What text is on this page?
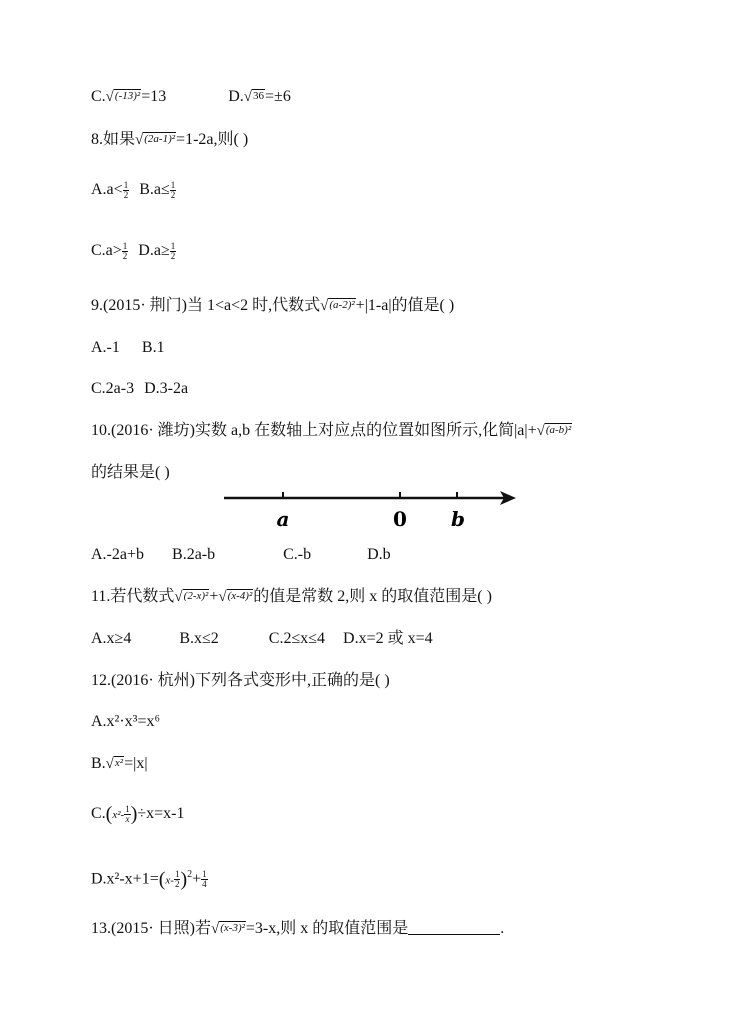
C.√(-13)²=13	D.√36=±6
8.如果√(2a-1)²=1-2a,则( )
$A.a< \frac{1}{2} B.a\le \frac{1}{2}$
$C.a> \frac{1}{2} D.a\ge \frac{1}{2}$
9.(2015· 荆门)当 1<a<2 时,代数式√(a-2)²+|1-a|的值是( )
A.-1 B.1
C.2a-3 D.3-2a
10.(2016· 潍坊)实数 a,b 在数轴上对应点的位置如图所示,化简|a|+√(a-b)²
的结果是( )
a	0 b
A.-2a+b B.2a-b	C.-b	D.b
11.若代数式√(2-x)²+√(x-4)²的值是常数 2,则 x 的取值范围是( )
A.x≥4	B.x≤2	C.2≤x≤4 D.x=2 或 x=4
12.(2016· 杭州)下列各式变形中,正确的是( )
A.x²·x³=x⁶
B.√x²=|x|
$C.(x^2- \frac{1}{x} )\div x=x-1$
$D.x^2-x+1=(x- \frac{1}{2} )^2+ \frac{1}{4}$
13.(2015· 日照)若√(x-3)²=3-x,则 x 的取值范围是	.
